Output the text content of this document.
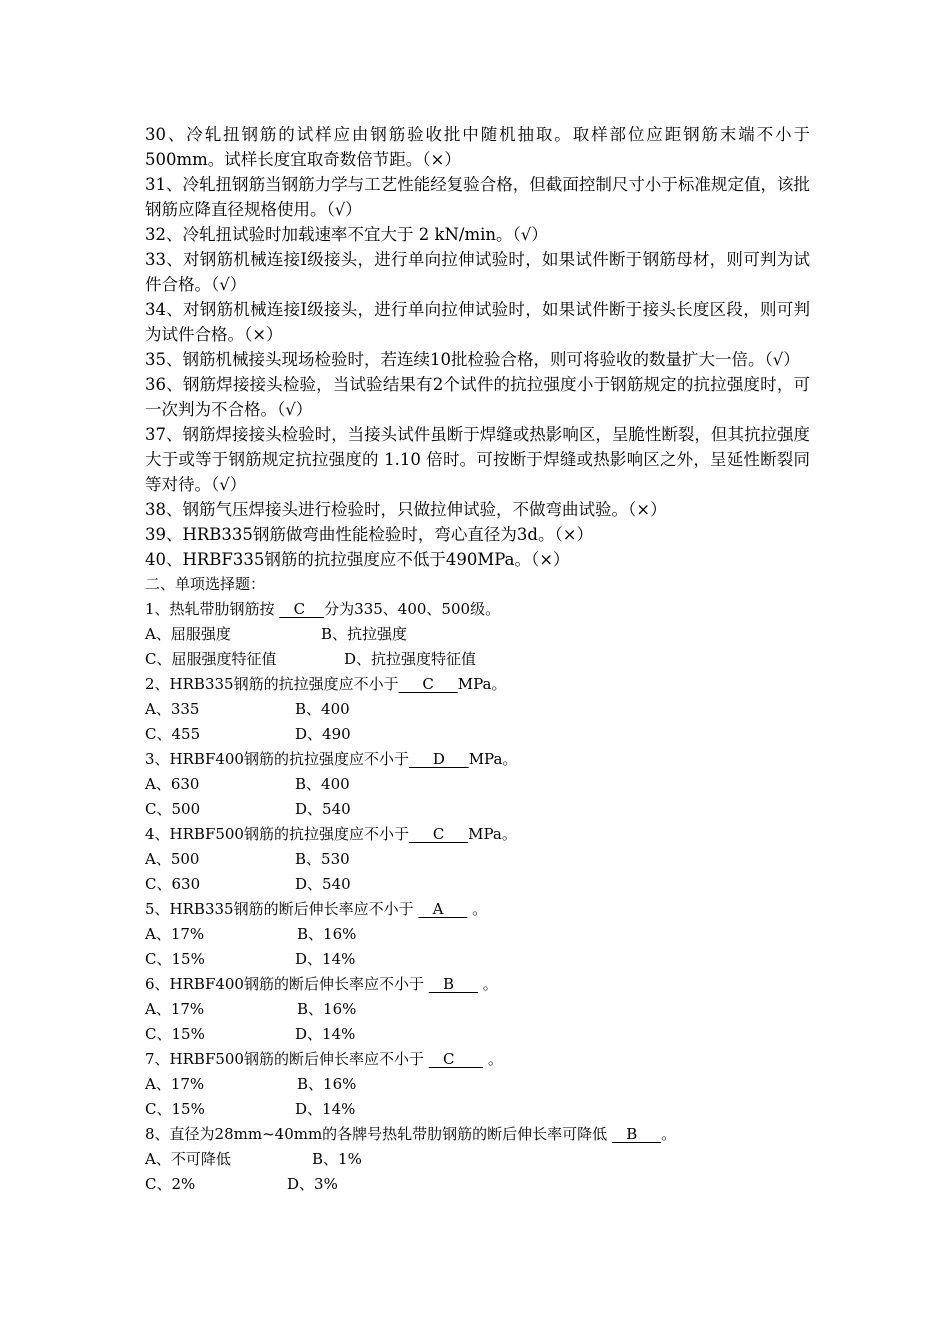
30、冷轧扭钢筋的试样应由钢筋验收批中随机抽取。取样部位应距钢筋末端不小于500mm。试样长度宜取奇数倍节距。（×）

31、冷轧扭钢筋当钢筋力学与工艺性能经复验合格，但截面控制尺寸小于标准规定值，该批钢筋应降直径规格使用。（√）

32、冷轧扭试验时加载速率不宜大于 2 kN/min。（√）

33、对钢筋机械连接Ⅰ级接头，进行单向拉伸试验时，如果试件断于钢筋母材，则可判为试件合格。（√）

34、对钢筋机械连接Ⅰ级接头，进行单向拉伸试验时，如果试件断于接头长度区段，则可判为试件合格。（×）

35、钢筋机械接头现场检验时，若连续10批检验合格，则可将验收的数量扩大一倍。（√）

36、钢筋焊接接头检验，当试验结果有2个试件的抗拉强度小于钢筋规定的抗拉强度时，可一次判为不合格。（√）

37、钢筋焊接接头检验时，当接头试件虽断于焊缝或热影响区，呈脆性断裂，但其抗拉强度大于或等于钢筋规定抗拉强度的 1.10 倍时。可按断于焊缝或热影响区之外，呈延性断裂同等对待。（√）

38、钢筋气压焊接头进行检验时，只做拉伸试验，不做弯曲试验。（×）

39、HRB335钢筋做弯曲性能检验时，弯心直径为3d。（×）

40、HRBF335钢筋的抗拉强度应不低于490MPa。（×）

二、单项选择题：

1、热轧带肋钢筋按    C    分为335、400、500级。

A、屈服强度	B、抗拉强度

C、屈服强度特征值	D、抗拉强度特征值

2、HRB335钢筋的抗拉强度应不小于     C     MPa。

A、335	B、400

C、455	D、490

3、HRBF400钢筋的抗拉强度应不小于     D     MPa。

A、630	B、400

C、500	D、540

4、HRBF500钢筋的抗拉强度应不小于     C     MPa。

A、500	B、530

C、630	D、540

5、HRB335钢筋的断后伸长率应不小于    A      。

A、17%	B、16%

C、15%	D、14%

6、HRBF400钢筋的断后伸长率应不小于    B      。

A、17%	B、16%

C、15%	D、14%

7、HRBF500钢筋的断后伸长率应不小于    C       。

A、17%	B、16%

C、15%	D、14%

8、直径为28mm~40mm的各牌号热轧带肋钢筋的断后伸长率可降低    B     。

A、不可降低	B、1%

C、2%	D、3%
